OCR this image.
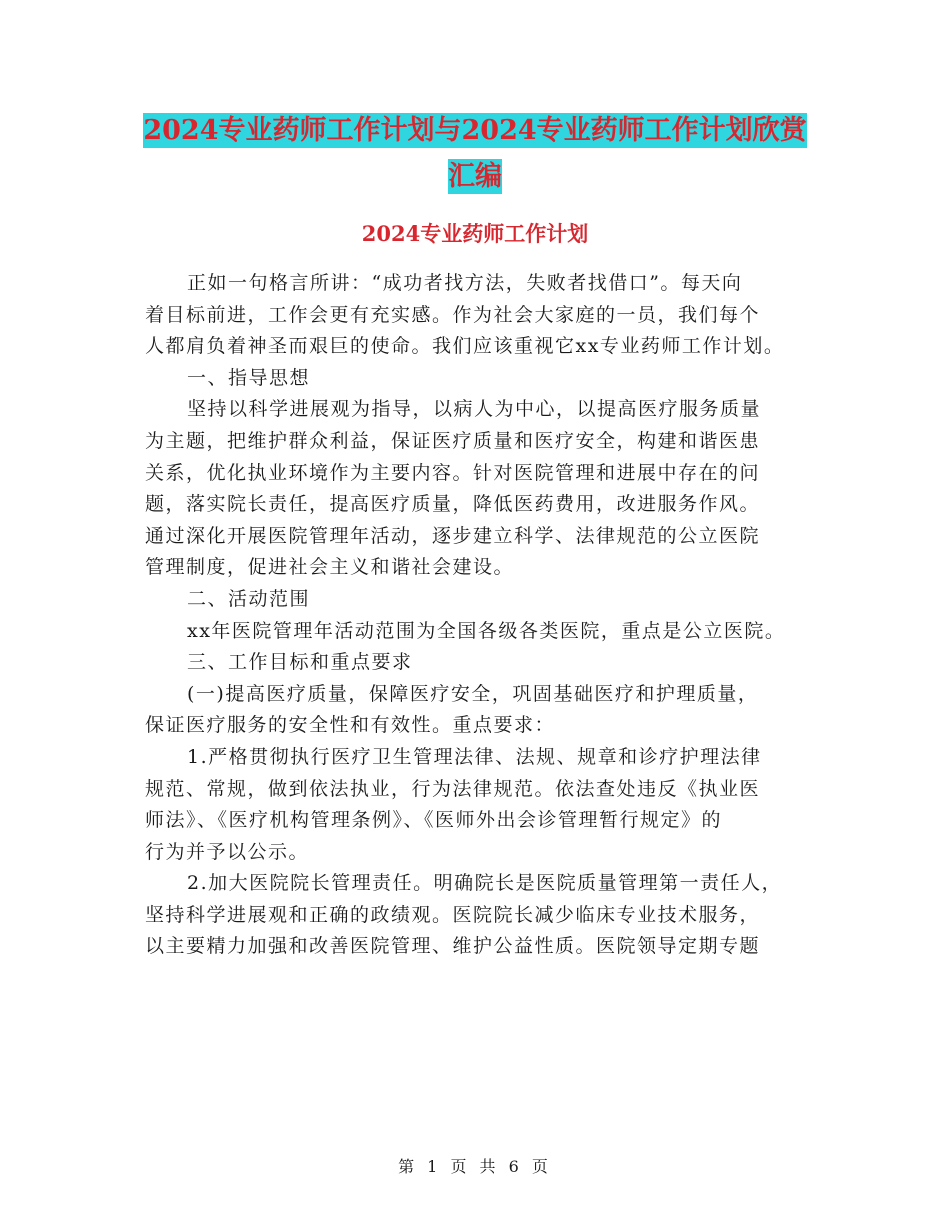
2024专业药师工作计划与2024专业药师工作计划欣赏
汇编
2024专业药师工作计划
正如一句格言所讲：“成功者找方法，失败者找借口”。每天向
着目标前进，工作会更有充实感。作为社会大家庭的一员，我们每个
人都肩负着神圣而艰巨的使命。我们应该重视它xx专业药师工作计划。
一、指导思想
坚持以科学进展观为指导，以病人为中心，以提高医疗服务质量
为主题，把维护群众利益，保证医疗质量和医疗安全，构建和谐医患
关系，优化执业环境作为主要内容。针对医院管理和进展中存在的问
题，落实院长责任，提高医疗质量，降低医药费用，改进服务作风。
通过深化开展医院管理年活动，逐步建立科学、法律规范的公立医院
管理制度，促进社会主义和谐社会建设。
二、活动范围
xx年医院管理年活动范围为全国各级各类医院，重点是公立医院。
三、工作目标和重点要求
(一)提高医疗质量，保障医疗安全，巩固基础医疗和护理质量，
保证医疗服务的安全性和有效性。重点要求：
1.严格贯彻执行医疗卫生管理法律、法规、规章和诊疗护理法律
规范、常规，做到依法执业，行为法律规范。依法查处违反《执业医
师法》、《医疗机构管理条例》、《医师外出会诊管理暂行规定》的
行为并予以公示。
2.加大医院院长管理责任。明确院长是医院质量管理第一责任人，
坚持科学进展观和正确的政绩观。医院院长减少临床专业技术服务，
以主要精力加强和改善医院管理、维护公益性质。医院领导定期专题
第 1 页 共 6 页
